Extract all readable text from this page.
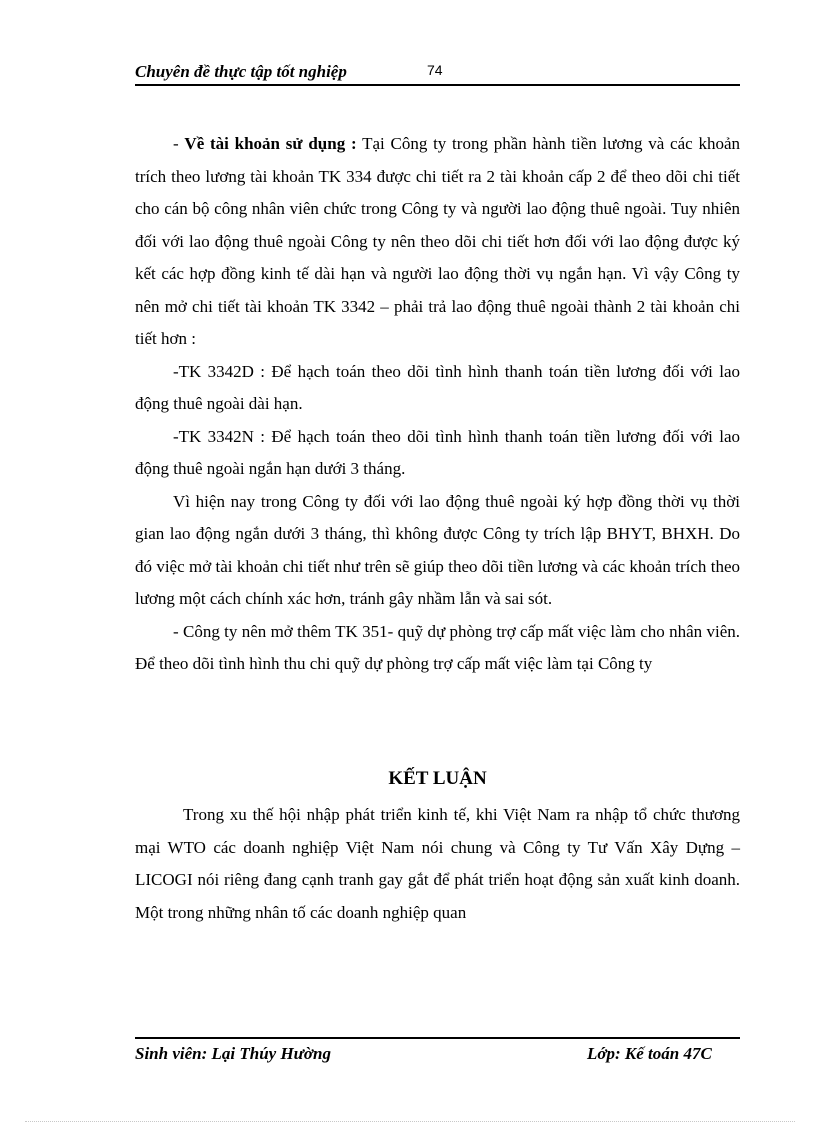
Chuyên đề thực tập tốt nghiệp	74

- Về tài khoản sử dụng : Tại Công ty trong phần hành tiền lương và các khoản trích theo lương tài khoản TK 334 được chi tiết ra 2 tài khoản cấp 2 để theo dõi chi tiết cho cán bộ công nhân viên chức trong Công ty và người lao động thuê ngoài. Tuy nhiên đối với lao động thuê ngoài Công ty nên theo dõi chi tiết hơn đối với lao động được ký kết các hợp đồng kinh tế dài hạn và người lao động thời vụ ngắn hạn. Vì vậy Công ty nên mở chi tiết tài khoản TK 3342 – phải trả lao động thuê ngoài thành 2 tài khoản chi tiết hơn :

-TK 3342D : Để hạch toán theo dõi tình hình thanh toán tiền lương đối với lao động thuê ngoài dài hạn.

-TK 3342N : Để hạch toán theo dõi tình hình thanh toán tiền lương đối với lao động thuê ngoài ngắn hạn dưới 3 tháng.

Vì hiện nay trong Công ty đối với lao động thuê ngoài ký hợp đồng thời vụ thời gian lao động ngắn dưới 3 tháng, thì không được Công ty trích lập BHYT, BHXH. Do đó việc mở tài khoản chi tiết như trên sẽ giúp theo dõi tiền lương và các khoản trích theo lương một cách chính xác hơn, tránh gây nhầm lẫn và sai sót.

- Công ty nên mở thêm TK 351- quỹ dự phòng trợ cấp mất việc làm cho nhân viên. Để theo dõi tình hình thu chi quỹ dự phòng trợ cấp mất việc làm tại Công ty

KẾT LUẬN

Trong xu thế hội nhập phát triển kinh tế, khi Việt Nam ra nhập tổ chức thương mại WTO các doanh nghiệp Việt Nam nói chung và Công ty Tư Vấn Xây Dựng – LICOGI nói riêng đang cạnh tranh gay gắt để phát triển hoạt động sản xuất kinh doanh. Một trong những nhân tố các doanh nghiệp quan

Sinh viên: Lại Thúy Hường	Lớp: Kế toán 47C
